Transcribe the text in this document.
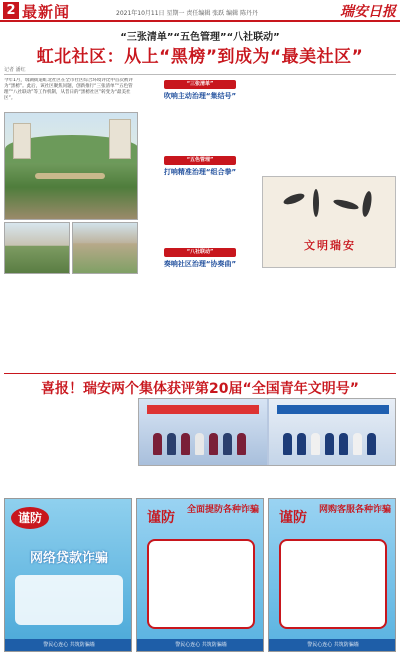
2 最新闻	2021年10月11日 星期一 责任编辑 张跃 编辑 陈丹丹	瑞安日报
“三张清单”“五色管理”“八社联动”
虹北社区：从上“黑榜”到成为“最美社区”
记者 潘红
今年1月，瑞湖街道虹北社区在全市社区综合环境评比中首次被评为“黑榜”。此后，该社区聚焦问题，创新推行“三张清单”“五色管理”“八社联动”等工作机制，从昔日的“黑榜社区”转变为“最美社区”。
“三张清单”
吹响主动治理“集结号”
“五色管理”
打响精准治理“组合拳”
“八社联动”
奏响社区治理“协奏曲”
文明瑞安
喜报！瑞安两个集体获评第20届“全国青年文明号”
谨防
网络贷款诈骗
警民心连心 共筑防骗墙
谨防	全面提防各种诈骗
警民心连心 共筑防骗墙
谨防	网购客服各种诈骗
警民心连心 共筑防骗墙
